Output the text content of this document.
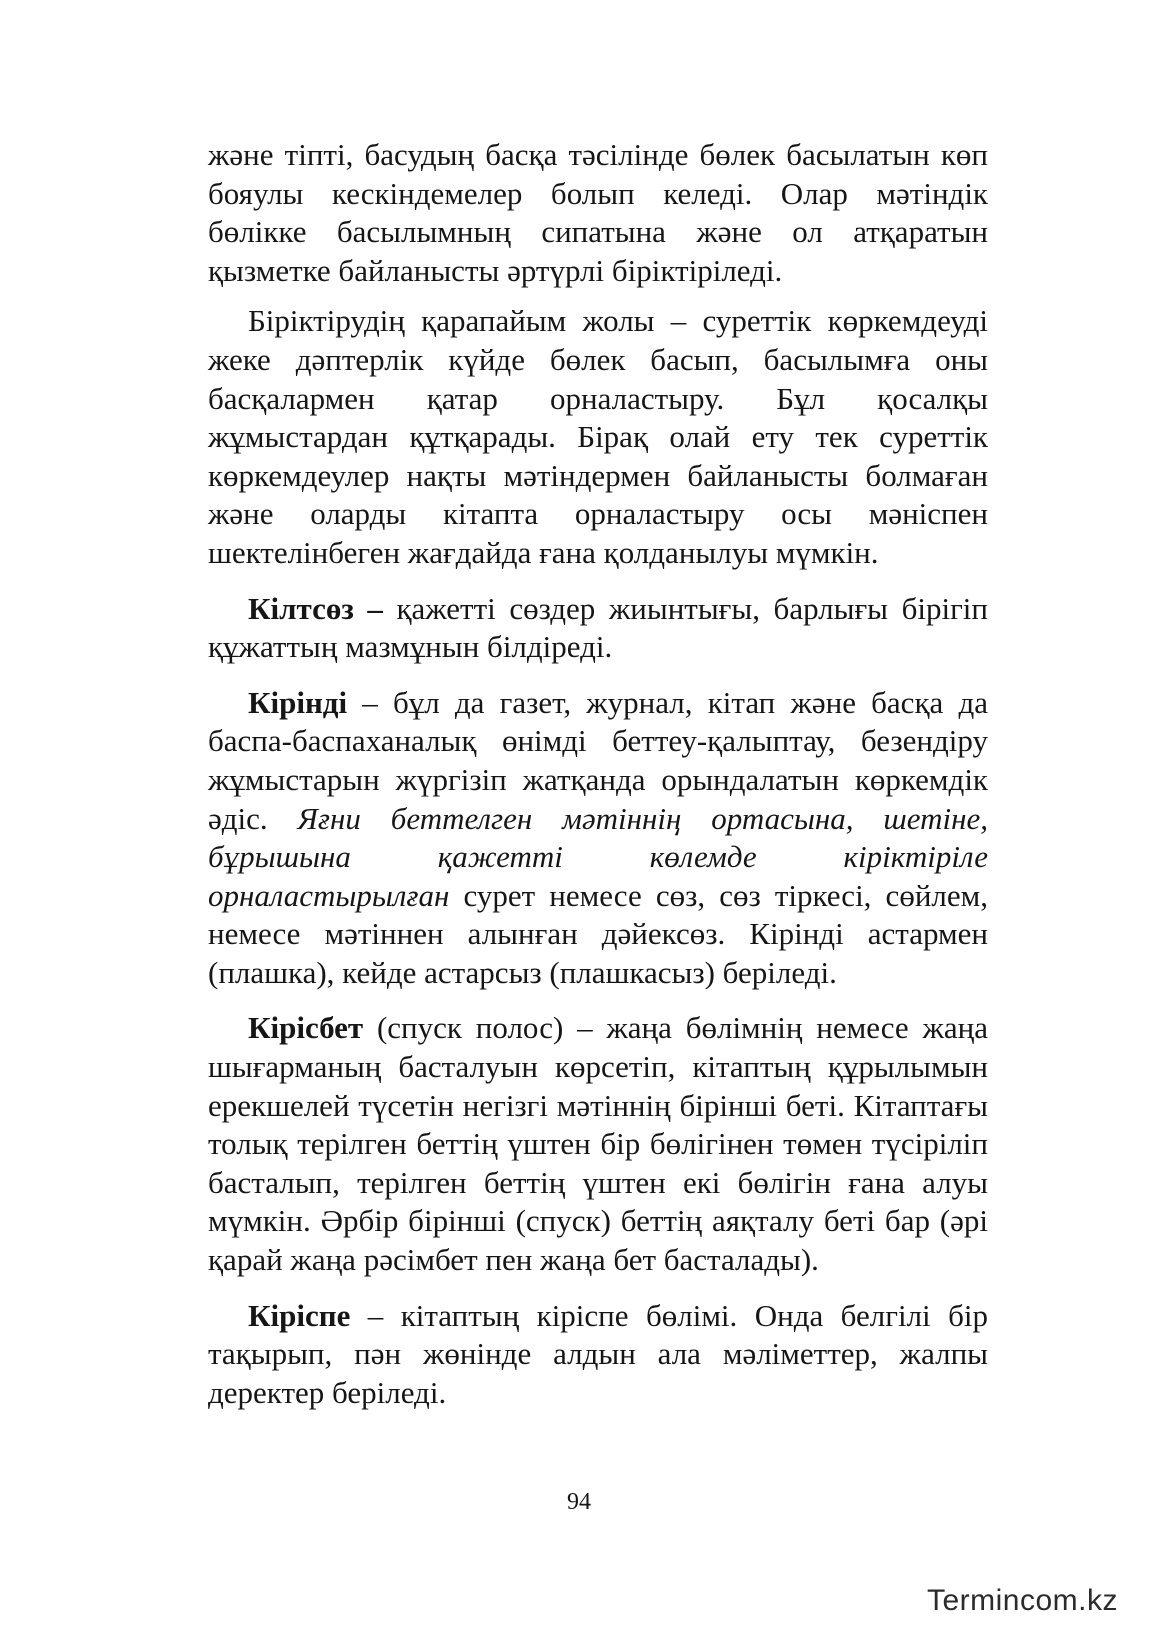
және тіпті, басудың басқа тәсілінде бөлек басылатын көп бояулы кескіндемелер болып келеді. Олар мәтіндік бөлікке басылымның сипатына және ол атқаратын қызметке байланысты әртүрлі біріктіріледі.

Біріктірудің қарапайым жолы – суреттік көркемдеуді жеке дәптерлік күйде бөлек басып, басылымға оны басқалармен қатар орналастыру. Бұл қосалқы жұмыстардан құтқарады. Бірақ олай ету тек суреттік көркемдеулер нақты мәтіндермен байланысты болмаған және оларды кітапта орналастыру осы мәніспен шектелінбеген жағдайда ғана қолданылуы мүмкін.

Кілтсөз – қажетті сөздер жиынтығы, барлығы бірігіп құжаттың мазмұнын білдіреді.

Кірінді – бұл да газет, журнал, кітап және басқа да баспа-баспаханалық өнімді беттеу-қалыптау, безендіру жұмыстарын жүргізіп жатқанда орындалатын көркемдік әдіс. Яғни беттелген мәтіннің ортасына, шетіне, бұрышына қажетті көлемде кіріктіріле орналастырылған сурет немесе сөз, сөз тіркесі, сөйлем, немесе мәтіннен алынған дәйексөз. Кірінді астармен (плашка), кейде астарсыз (плашкасыз) беріледі.

Кірісбет (спуск полос) – жаңа бөлімнің немесе жаңа шығарманың басталуын көрсетіп, кітаптың құрылымын ерекшелей түсетін негізгі мәтіннің бірінші беті. Кітаптағы толық терілген беттің үштен бір бөлігінен төмен түсіріліп басталып, терілген беттің үштен екі бөлігін ғана алуы мүмкін. Әрбір бірінші (спуск) беттің аяқталу беті бар (әрі қарай жаңа рәсімбет пен жаңа бет басталады).

Кіріспе – кітаптың кіріспе бөлімі. Онда белгілі бір тақырып, пән жөнінде алдын ала мәліметтер, жалпы деректер беріледі.

94
Termincom.kz
